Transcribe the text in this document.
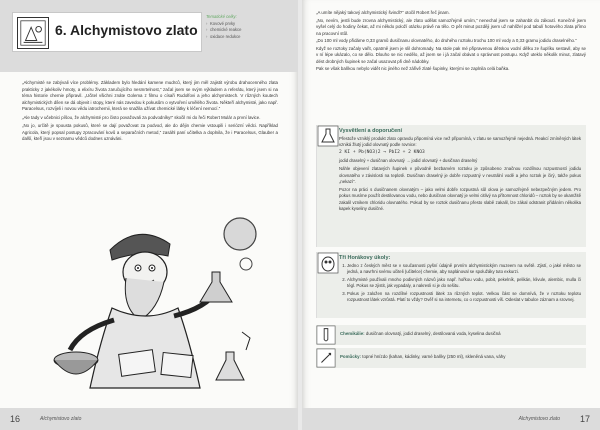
6. Alchymistovo zlato
Tematické celky:
› Kovové prvky
› chemické reakce
› oxidace redukce

„Alchymisté se zabývali více problémy. Základem bylo hledání kamene mudrců, který jim měl zajistit výrobu drahocenného zlata prakticky z jakékoliv hmoty, a elixíru života zaručujícího nesmrtelnost,“ začal jsem se svým výkladem a referátu, který jsem si na téma historie chemie připravil. „Učitel všichni znáte Golema z filmu o císaři Rudolfovi a jeho alchymistech. V různých koutech alchymistických dílen se dá objevit i stopy, které nás zavedou k pokusům o vytvoření umělého života. Někteří alchymisté, jako např. Paracelsus, rozvíjeli i novou vědu iatrochemii, která se snažila užívat chemické látky k léčení nemocí.“

„Ale tady v učebnici píšou, že alchymisté pro čisto považovali za podvodníky!“ skočil mi do řeči Robert Mulár a první lavice.

„No jo, určitě je spousta pokusů, které se dají považovat za podvod, ale do dějin chemie vstoupili i seriózní vědci. Například Agricola, který popsal postupy zpracování kovů a separačních metod,“ zasáhl paní učitelka a doplnila, že i Paracelsus, Glauber a další, kteří jsou v seznamu vědců dodnes uznáváni.

16	Alchymistovo zlato

„A umíte nějaký takový alchymistický švindl?“ otočil Robert řeč jinam.

„No, nevím, jestli bude zrovna alchymistický, ale zlato udělat samozřejmě umím,“ nenechal jsem se zahanbit do zákoutí. Konečně jsem vyšel celý do hodiny čekat, až mi někdo položí otázku právě na tělo. O pět minut později jsem už nahlížel pod tabulí hotového zlata přímo na pracovní stůl.

„Do 100 ml vody přidáme 0,33 gramů dusičnanu olovnatého, do druhého roztoku trochu 100 ml vody a 0,33 gramu jodidu draselného.“

Když se roztoky začaly vařit, opatrně jsem je slil dohromady. Na stole pak mé připravenou dětskou vodní dělku ze šuplíku sestavil, aby se v ní lépe ukázalo, co se dělo. Dlouho se nic nedělo, až jsem se i já začal obávat o správnost postupu. Když uteklo několik minut, zlatavý dést drobných šupinek se začal usazovat při dně nádobky.

Pak se však baňkou nebylo vidět nic jiného než zářivě zlaté šupinky, kterými se zaplnila celá baňka.

Vysvětlení a doporučení

Přestože vzniklý produkt zlato opravdu připomíná vice než připomíná, v zlatu se samozřejmě nejedná. Reakcí zmíněných látek vzniká žlutý jodid olovnatý podle rovnice:

2 KI + Pb(NO3)2 → PbI2 + 2 KNO3

jodid draselný + dusičnan olovnatý → jodid olovnatý + dusičnan draselný

Náhle objevení zlatavých šupinek v původně bezbarvém roztoku je způsobeno značnou rozdílnou rozpustností jodidu olovnatého v závislosti na teplotě. Dusičnan draselný je dobře rozpustný v neutrální vodě a jeho roztok je čirý, takže pokus „nekazí“.

Pozor na práci s dusičnanem olovnatým – jako velmi dobře rozpustná sůl olova je samozřejmě nebezpečným jedem. Pro pokus musíme použít destilovanou vodu, nebo dusičnan olovnatý je velmi citlivý na přítomnost chloridů – roztok by se okamžitě zakalil vznikem chloridu olovnatého. Pokud by se roztok dusičnanu přesto slabě zakalil, lze zákal odstranit přidáním několika kapek kyseliny dusičné.

Tři Horákovy úkoly:
1. Jedno z českých měst se v současnosti pyšní údajně prvním alchymistickým muzeem na světě. Zjistí, o jaké město se jedná, a navrhni svému učiteli (učitelce) chemie, aby naplánoval se spolužáky tuto exkurzi.
2. Alchymisté používali mnoho podivných názvů jako např. hořkou vodu, pobit, pekelník, pelikán, klivule, alembic, mulla či tégl. Pokus se zjistit, jak vypadaly, a nakresli si je do sešitu.
3. Pokus je založen na rozdílné rozpustnosti látek za různých teplot. Velkou část se domnívá, že v roztoku teplotu rozpustnost látek vzrůstá. Platí to vždy? Ověř si na internetu, co o rozpustnosti víš. Odeslat v tabulce záznam a srovnej.
Chemikálie: dusičnan olovnatý, jodid draselný, destilovaná voda, kyselina dusičná
Pomůcky: topné hnízdo (kahan, kádinky, varné baňky (250 ml), skleněná vana, váhy
Alchymistovo zlato 17
